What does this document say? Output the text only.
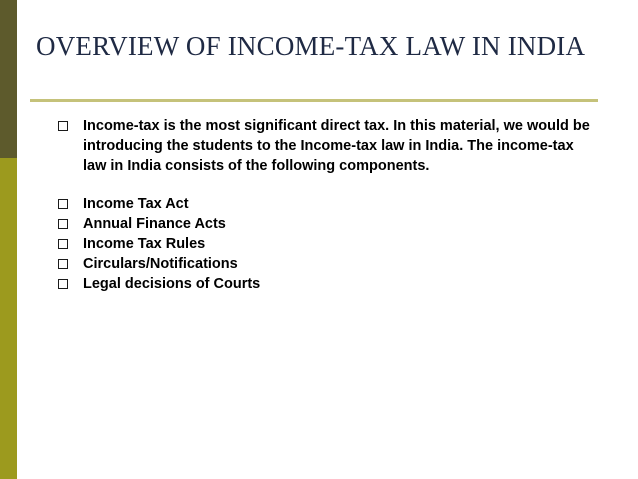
OVERVIEW OF INCOME-TAX LAW IN INDIA
Income-tax is the most significant direct tax. In this material, we would be introducing the students to the Income-tax law in India. The income-tax law in India consists of the following components.
Income Tax Act
Annual Finance Acts
Income Tax Rules
Circulars/Notifications
Legal decisions of Courts
